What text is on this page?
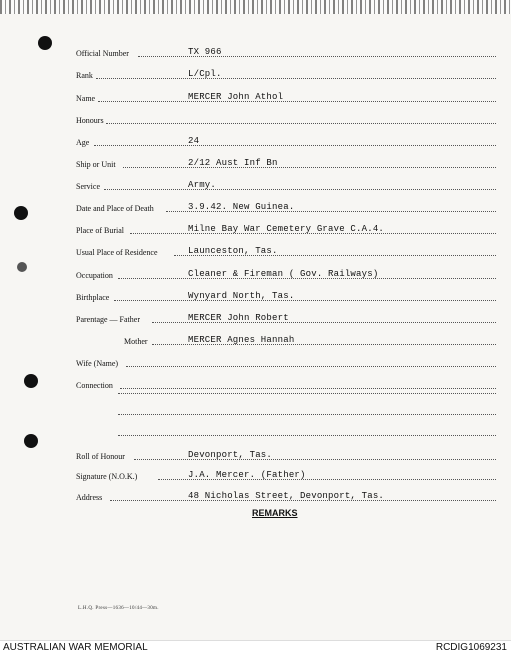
Official Number	TX 966
Rank	L/Cpl.
Name	MERCER John Athol
Honours
Age	24
Ship or Unit	2/12 Aust Inf Bn
Service	Army.
Date and Place of Death	3.9.42. New Guinea.
Place of Burial	Milne Bay War Cemetery Grave C.A.4.
Usual Place of Residence	Launceston, Tas.
Occupation	Cleaner & Fireman ( Gov. Railways)
Birthplace	Wynyard North, Tas.
Parentage — Father	MERCER John Robert
Mother	MERCER Agnes Hannah
Wife (Name)
Connection
Roll of Honour	Devonport, Tas.
Signature (N.O.K.)	J.A. Mercer. (Father)
Address	48 Nicholas Street, Devonport, Tas.
REMARKS
L.H.Q. Press—1636—10/44—30m.
AUSTRALIAN WAR MEMORIAL	RCDIG1069231
